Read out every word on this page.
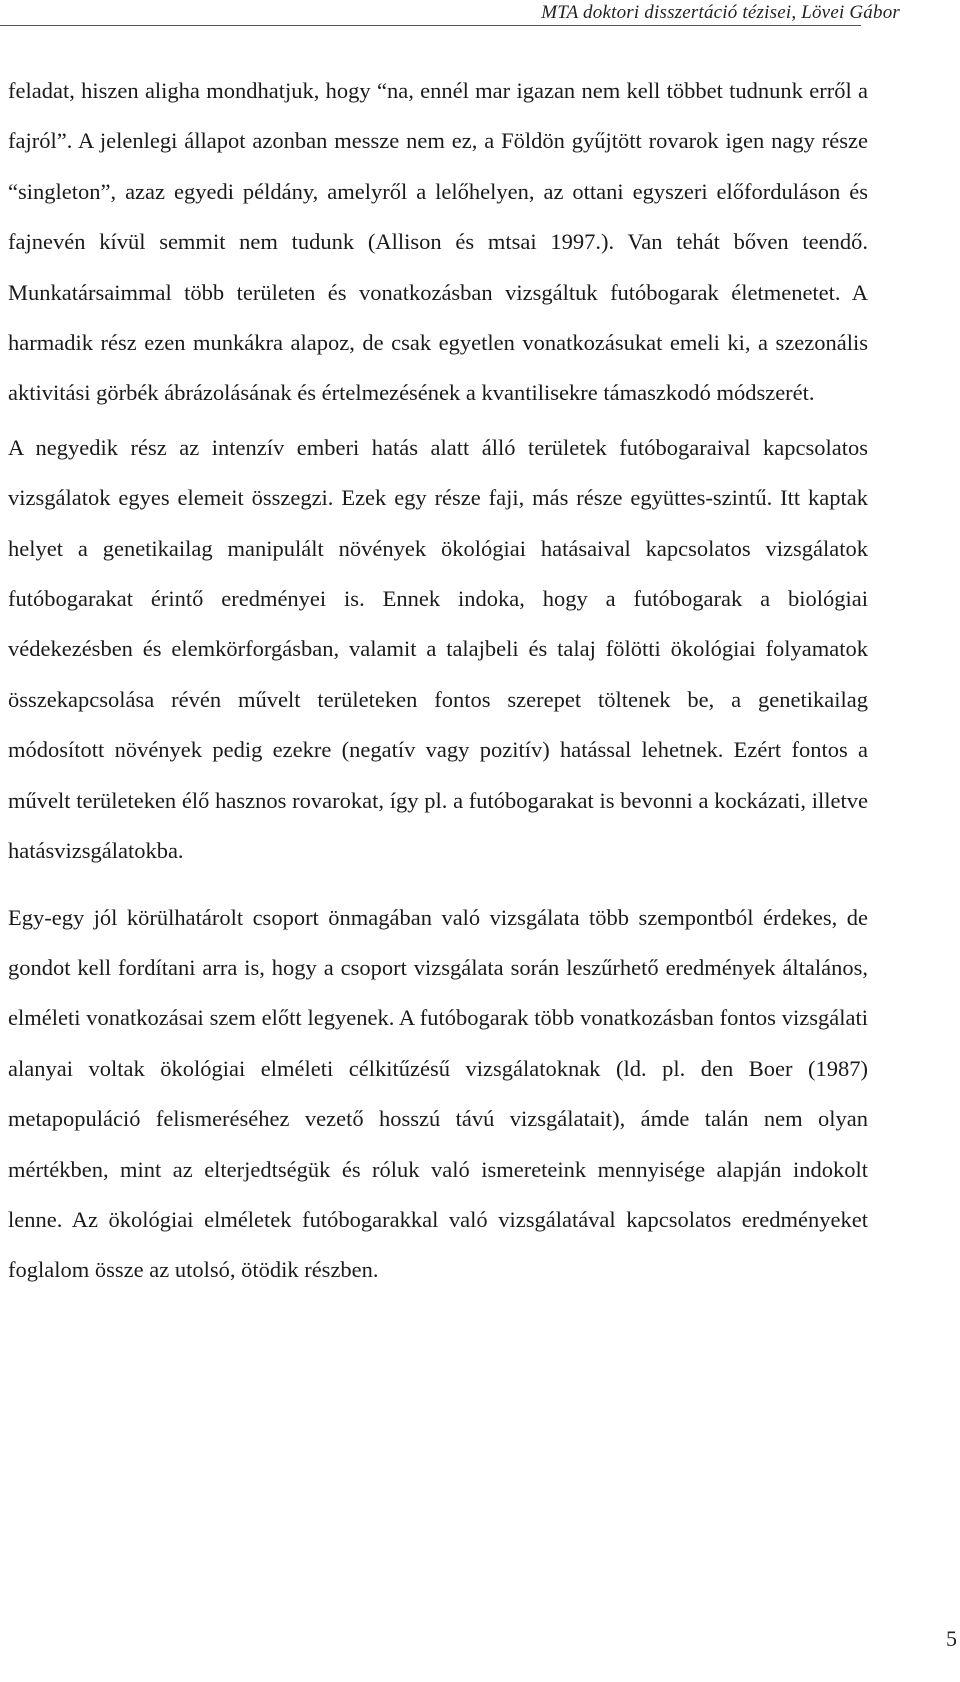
MTA doktori disszertáció tézisei, Lövei Gábor

feladat, hiszen aligha mondhatjuk, hogy “na, ennél mar igazan nem kell többet tudnunk erről a fajról”. A jelenlegi állapot azonban messze nem ez, a Földön gyűjtött rovarok igen nagy része “singleton”, azaz egyedi példány, amelyről a lelőhelyen, az ottani egyszeri előforduláson és fajnevén kívül semmit nem tudunk (Allison és mtsai 1997.). Van tehát bőven teendő. Munkatársaimmal több területen és vonatkozásban vizsgáltuk futóbogarak életmenetet. A harmadik rész ezen munkákra alapoz, de csak egyetlen vonatkozásukat emeli ki, a szezonális aktivitási görbék ábrázolásának és értelmezésének a kvantilisekre támaszkodó módszerét.

A negyedik rész az intenzív emberi hatás alatt álló területek futóbogaraival kapcsolatos vizsgálatok egyes elemeit összegzi. Ezek egy része faji, más része együttes-szintű. Itt kaptak helyet a genetikailag manipulált növények ökológiai hatásaival kapcsolatos vizsgálatok futóbogarakat érintő eredményei is. Ennek indoka, hogy a futóbogarak a biológiai védekezésben és elemkörforgásban, valamit a talajbeli és talaj fölötti ökológiai folyamatok összekapcsolása révén művelt területeken fontos szerepet töltenek be, a genetikailag módosított növények pedig ezekre (negatív vagy pozitív) hatással lehetnek. Ezért fontos a művelt területeken élő hasznos rovarokat, így pl. a futóbogarakat is bevonni a kockázati, illetve hatásvizsgálatokba.

Egy-egy jól körülhatárolt csoport önmagában való vizsgálata több szempontból érdekes, de gondot kell fordítani arra is, hogy a csoport vizsgálata során leszűrhető eredmények általános, elméleti vonatkozásai szem előtt legyenek. A futóbogarak több vonatkozásban fontos vizsgálati alanyai voltak ökológiai elméleti célkitűzésű vizsgálatoknak (ld. pl. den Boer (1987) metapopuláció felismeréséhez vezető hosszú távú vizsgálatait), ámde talán nem olyan mértékben, mint az elterjedtségük és róluk való ismereteink mennyisége alapján indokolt lenne. Az ökológiai elméletek futóbogarakkal való vizsgálatával kapcsolatos eredményeket foglalom össze az utolsó, ötödik részben.

5
